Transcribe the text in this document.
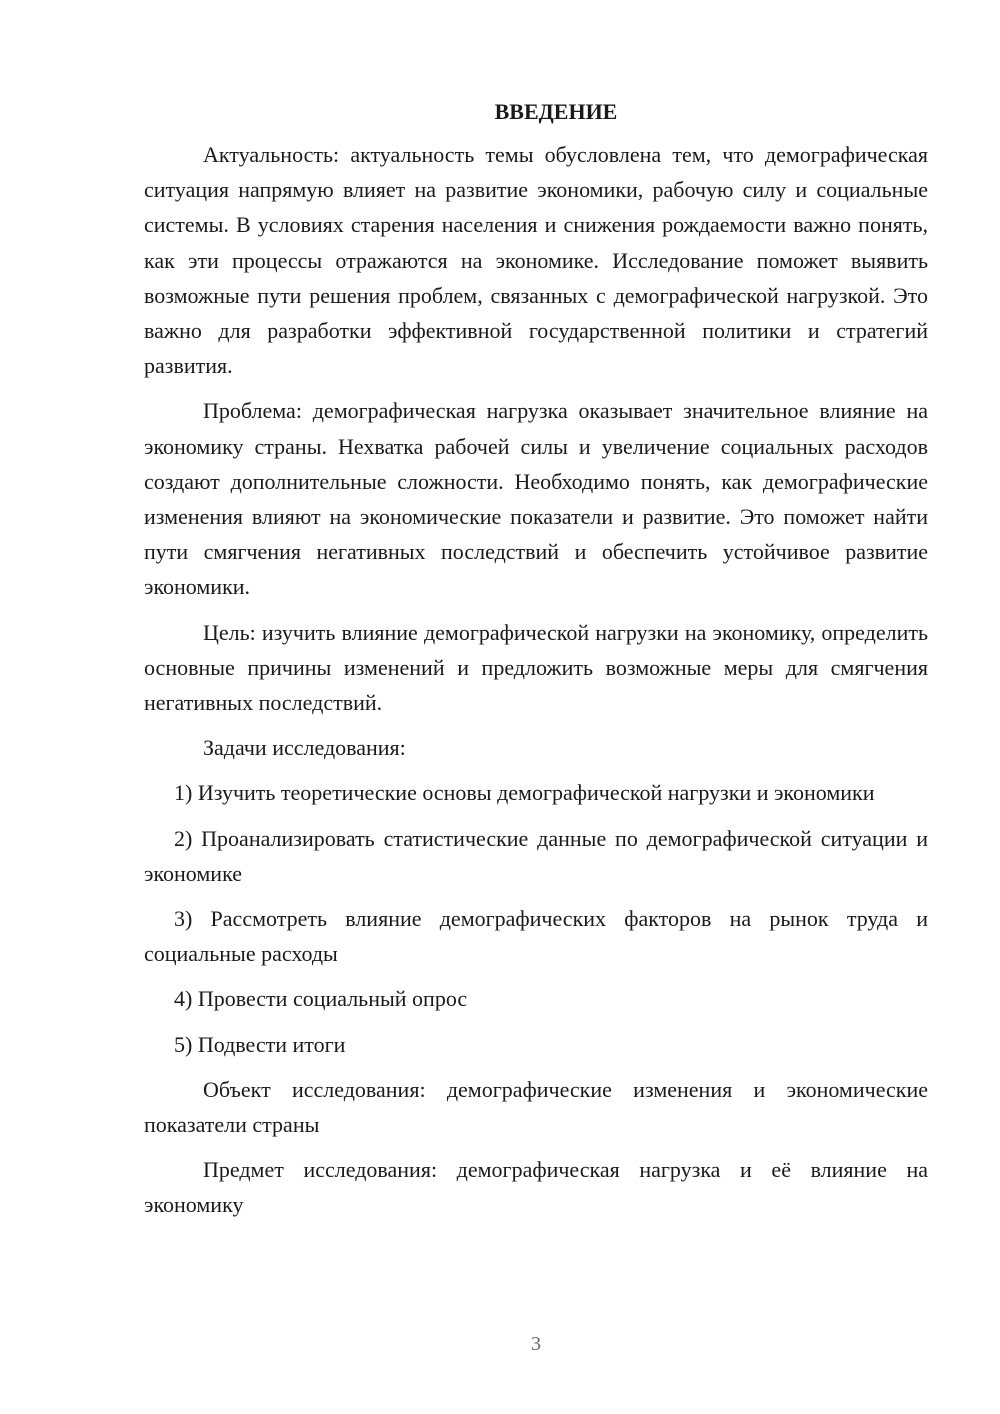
ВВЕДЕНИЕ

Актуальность: актуальность темы обусловлена тем, что демографическая ситуация напрямую влияет на развитие экономики, рабочую силу и социальные системы. В условиях старения населения и снижения рождаемости важно понять, как эти процессы отражаются на экономике. Исследование поможет выявить возможные пути решения проблем, связанных с демографической нагрузкой. Это важно для разработки эффективной государственной политики и стратегий развития.

Проблема: демографическая нагрузка оказывает значительное влияние на экономику страны. Нехватка рабочей силы и увеличение социальных расходов создают дополнительные сложности. Необходимо понять, как демографические изменения влияют на экономические показатели и развитие. Это поможет найти пути смягчения негативных последствий и обеспечить устойчивое развитие экономики.

Цель: изучить влияние демографической нагрузки на экономику, определить основные причины изменений и предложить возможные меры для смягчения негативных последствий.

Задачи исследования:

1) Изучить теоретические основы демографической нагрузки и экономики

2) Проанализировать статистические данные по демографической ситуации и экономике

3) Рассмотреть влияние демографических факторов на рынок труда и социальные расходы

4) Провести социальный опрос

5) Подвести итоги

Объект исследования: демографические изменения и экономические показатели страны

Предмет исследования: демографическая нагрузка и её влияние на экономику

3
